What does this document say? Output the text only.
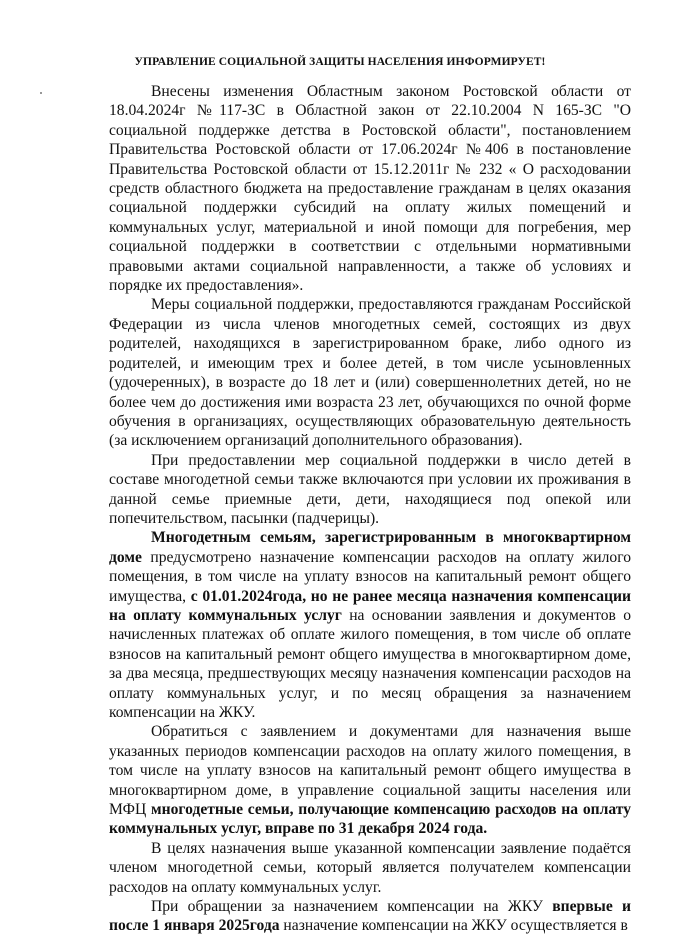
УПРАВЛЕНИЕ СОЦИАЛЬНОЙ ЗАЩИТЫ НАСЕЛЕНИЯ ИНФОРМИРУЕТ!

Внесены изменения Областным законом Ростовской области от 18.04.2024г №117-ЗС в Областной закон от 22.10.2004 N 165-ЗС "О социальной поддержке детства в Ростовской области", постановлением Правительства Ростовской области от 17.06.2024г №406 в постановление Правительства Ростовской области от 15.12.2011г № 232 « О расходовании средств областного бюджета на предоставление гражданам в целях оказания социальной поддержки субсидий на оплату жилых помещений и коммунальных услуг, материальной и иной помощи для погребения, мер социальной поддержки в соответствии с отдельными нормативными правовыми актами социальной направленности, а также об условиях и порядке их предоставления».

Меры социальной поддержки, предоставляются гражданам Российской Федерации из числа членов многодетных семей, состоящих из двух родителей, находящихся в зарегистрированном браке, либо одного из родителей, и имеющим трех и более детей, в том числе усыновленных (удочеренных), в возрасте до 18 лет и (или) совершеннолетних детей, но не более чем до достижения ими возраста 23 лет, обучающихся по очной форме обучения в организациях, осуществляющих образовательную деятельность (за исключением организаций дополнительного образования).

При предоставлении мер социальной поддержки в число детей в составе многодетной семьи также включаются при условии их проживания в данной семье приемные дети, дети, находящиеся под опекой или попечительством, пасынки (падчерицы).

Многодетным семьям, зарегистрированным в многоквартирном доме предусмотрено назначение компенсации расходов на оплату жилого помещения, в том числе на уплату взносов на капитальный ремонт общего имущества, с 01.01.2024года, но не ранее месяца назначения компенсации на оплату коммунальных услуг на основании заявления и документов о начисленных платежах об оплате жилого помещения, в том числе об оплате взносов на капитальный ремонт общего имущества в многоквартирном доме, за два месяца, предшествующих месяцу назначения компенсации расходов на оплату коммунальных услуг, и по месяц обращения за назначением компенсации на ЖКУ.

Обратиться с заявлением и документами для назначения выше указанных периодов компенсации расходов на оплату жилого помещения, в том числе на уплату взносов на капитальный ремонт общего имущества в многоквартирном доме, в управление социальной защиты населения или МФЦ многодетные семьи, получающие компенсацию расходов на оплату коммунальных услуг, вправе по 31 декабря 2024 года.

В целях назначения выше указанной компенсации заявление подаётся членом многодетной семьи, который является получателем компенсации расходов на оплату коммунальных услуг.

При обращении за назначением компенсации на ЖКУ впервые и после 1 января 2025года назначение компенсации на ЖКУ осуществляется в
